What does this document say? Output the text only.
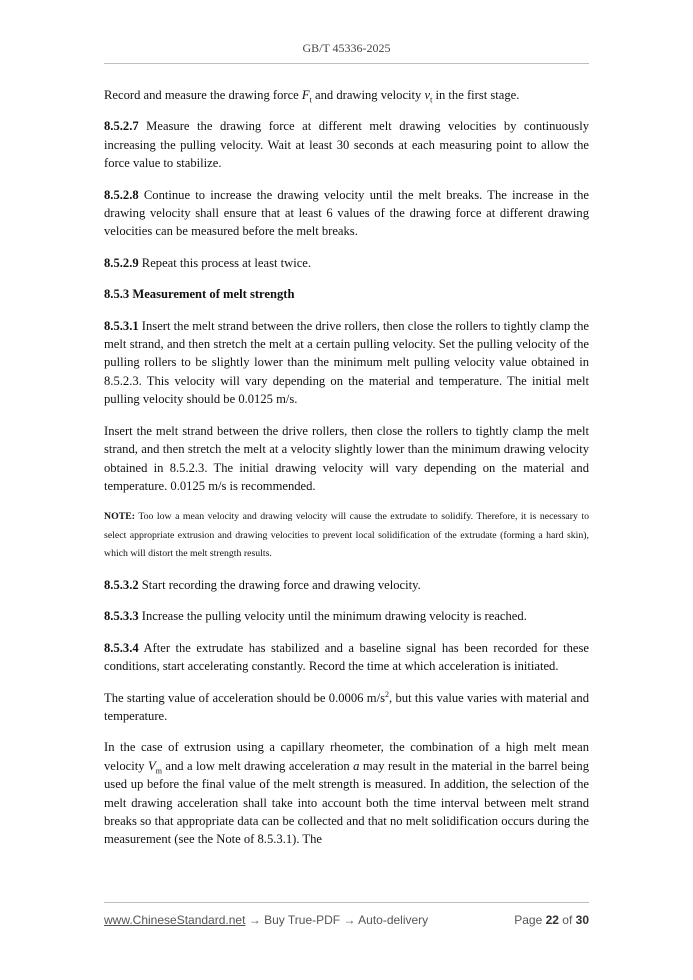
GB/T 45336-2025

Record and measure the drawing force $F_t$ and drawing velocity $v_t$ in the first stage.

8.5.2.7 Measure the drawing force at different melt drawing velocities by continuously increasing the pulling velocity. Wait at least 30 seconds at each measuring point to allow the force value to stabilize.

8.5.2.8 Continue to increase the drawing velocity until the melt breaks. The increase in the drawing velocity shall ensure that at least 6 values of the drawing force at different drawing velocities can be measured before the melt breaks.

8.5.2.9 Repeat this process at least twice.

8.5.3 Measurement of melt strength

8.5.3.1 Insert the melt strand between the drive rollers, then close the rollers to tightly clamp the melt strand, and then stretch the melt at a certain pulling velocity. Set the pulling velocity of the pulling rollers to be slightly lower than the minimum melt pulling velocity value obtained in 8.5.2.3. This velocity will vary depending on the material and temperature. The initial melt pulling velocity should be 0.0125 m/s.

Insert the melt strand between the drive rollers, then close the rollers to tightly clamp the melt strand, and then stretch the melt at a velocity slightly lower than the minimum drawing velocity obtained in 8.5.2.3. The initial drawing velocity will vary depending on the material and temperature. 0.0125 m/s is recommended.

NOTE: Too low a mean velocity and drawing velocity will cause the extrudate to solidify. Therefore, it is necessary to select appropriate extrusion and drawing velocities to prevent local solidification of the extrudate (forming a hard skin), which will distort the melt strength results.

8.5.3.2 Start recording the drawing force and drawing velocity.

8.5.3.3 Increase the pulling velocity until the minimum drawing velocity is reached.

8.5.3.4 After the extrudate has stabilized and a baseline signal has been recorded for these conditions, start accelerating constantly. Record the time at which acceleration is initiated.

The starting value of acceleration should be 0.0006 $m/s^2$, but this value varies with material and temperature.

In the case of extrusion using a capillary rheometer, the combination of a high melt mean velocity $V_m$ and a low melt drawing acceleration a may result in the material in the barrel being used up before the final value of the melt strength is measured. In addition, the selection of the melt drawing acceleration shall take into account both the time interval between melt strand breaks so that appropriate data can be collected and that no melt solidification occurs during the measurement (see the Note of 8.5.3.1). The

www.ChineseStandard.net → Buy True-PDF → Auto-delivery	Page 22 of 30
